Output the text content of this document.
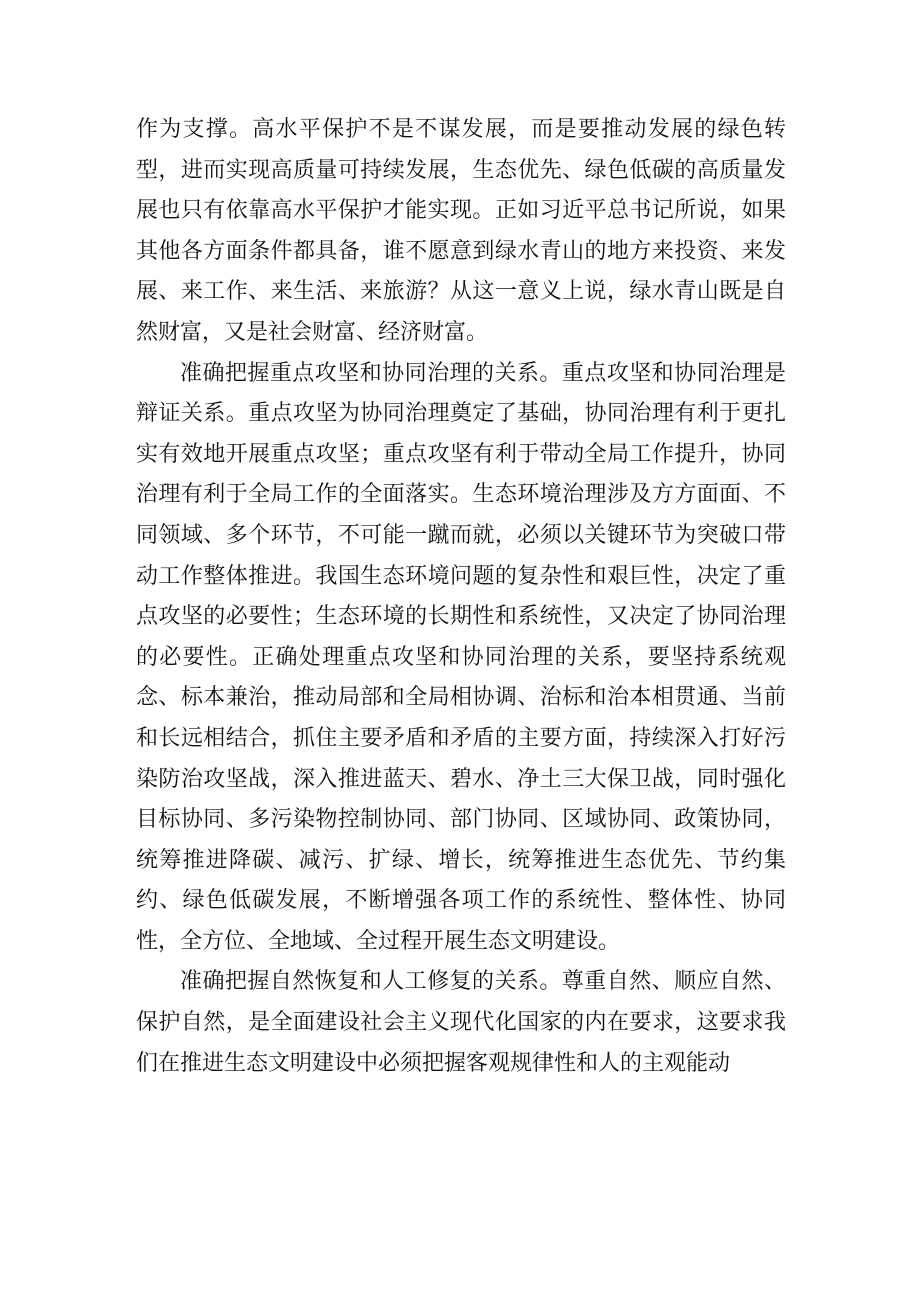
作为支撑。高水平保护不是不谋发展，而是要推动发展的绿色转型，进而实现高质量可持续发展，生态优先、绿色低碳的高质量发展也只有依靠高水平保护才能实现。正如习近平总书记所说，如果其他各方面条件都具备，谁不愿意到绿水青山的地方来投资、来发展、来工作、来生活、来旅游？从这一意义上说，绿水青山既是自然财富，又是社会财富、经济财富。

准确把握重点攻坚和协同治理的关系。重点攻坚和协同治理是辩证关系。重点攻坚为协同治理奠定了基础，协同治理有利于更扎实有效地开展重点攻坚；重点攻坚有利于带动全局工作提升，协同治理有利于全局工作的全面落实。生态环境治理涉及方方面面、不同领域、多个环节，不可能一蹴而就，必须以关键环节为突破口带动工作整体推进。我国生态环境问题的复杂性和艰巨性，决定了重点攻坚的必要性；生态环境的长期性和系统性，又决定了协同治理的必要性。正确处理重点攻坚和协同治理的关系，要坚持系统观念、标本兼治，推动局部和全局相协调、治标和治本相贯通、当前和长远相结合，抓住主要矛盾和矛盾的主要方面，持续深入打好污染防治攻坚战，深入推进蓝天、碧水、净土三大保卫战，同时强化目标协同、多污染物控制协同、部门协同、区域协同、政策协同，统筹推进降碳、减污、扩绿、增长，统筹推进生态优先、节约集约、绿色低碳发展，不断增强各项工作的系统性、整体性、协同性，全方位、全地域、全过程开展生态文明建设。

准确把握自然恢复和人工修复的关系。尊重自然、顺应自然、保护自然，是全面建设社会主义现代化国家的内在要求，这要求我们在推进生态文明建设中必须把握客观规律性和人的主观能动
